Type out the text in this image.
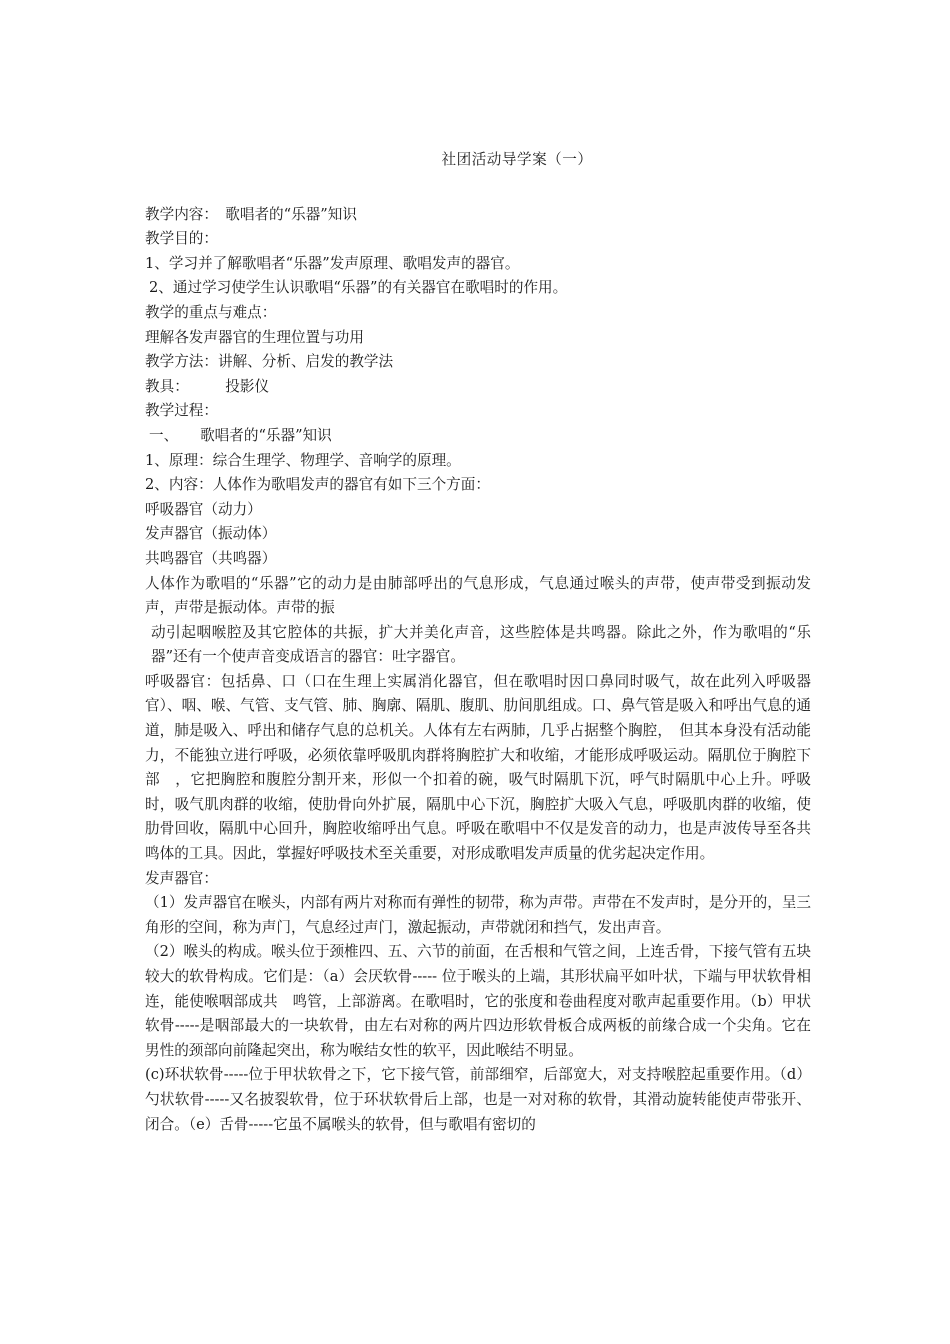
社团活动导学案（一）
教学内容：　歌唱者的“乐器”知识
教学目的：
1、学习并了解歌唱者“乐器”发声原理、歌唱发声的器官。
2、通过学习使学生认识歌唱“乐器”的有关器官在歌唱时的作用。
教学的重点与难点：
理解各发声器官的生理位置与功用
教学方法：讲解、分析、启发的教学法
教具：　　　投影仪
教学过程：
一、　　歌唱者的“乐器”知识
1、原理：综合生理学、物理学、音响学的原理。
2、内容：人体作为歌唱发声的器官有如下三个方面：
呼吸器官（动力）
发声器官（振动体）
共鸣器官（共鸣器）
人体作为歌唱的“乐器”它的动力是由肺部呼出的气息形成，气息通过喉头的声带，使声带受到振动发声，声带是振动体。声带的振
动引起咽喉腔及其它腔体的共振，扩大并美化声音，这些腔体是共鸣器。除此之外，作为歌唱的“乐器”还有一个使声音变成语言的器官：吐字器官。
呼吸器官：包括鼻、口（口在生理上实属消化器官，但在歌唱时因口鼻同时吸气，故在此列入呼吸器官）、咽、喉、气管、支气管、肺、胸廓、隔肌、腹肌、肋间肌组成。口、鼻气管是吸入和呼出气息的通道，肺是吸入、呼出和储存气息的总机关。人体有左右两肺，几乎占据整个胸腔，　但其本身没有活动能力，不能独立进行呼吸，必须依靠呼吸肌肉群将胸腔扩大和收缩，才能形成呼吸运动。隔肌位于胸腔下部　，它把胸腔和腹腔分割开来，形似一个扣着的碗，吸气时隔肌下沉，呼气时隔肌中心上升。呼吸时，吸气肌肉群的收缩，使肋骨向外扩展，隔肌中心下沉，胸腔扩大吸入气息，呼吸肌肉群的收缩，使肋骨回收，隔肌中心回升，胸腔收缩呼出气息。呼吸在歌唱中不仅是发音的动力，也是声波传导至各共鸣体的工具。因此，掌握好呼吸技术至关重要，对形成歌唱发声质量的优劣起决定作用。
发声器官：
（1）发声器官在喉头，内部有两片对称而有弹性的韧带，称为声带。声带在不发声时，是分开的，呈三角形的空间，称为声门，气息经过声门，激起振动，声带就闭和挡气，发出声音。
（2）喉头的构成。喉头位于颈椎四、五、六节的前面，在舌根和气管之间，上连舌骨，下接气管有五块较大的软骨构成。它们是：（a）会厌软骨----- 位于喉头的上端，其形状扁平如叶状，下端与甲状软骨相连，能使喉咽部成共　鸣管，上部游离。在歌唱时，它的张度和卷曲程度对歌声起重要作用。（b）甲状软骨-----是咽部最大的一块软骨，由左右对称的两片四边形软骨板合成两板的前缘合成一个尖角。它在男性的颈部向前隆起突出，称为喉结女性的软平，因此喉结不明显。
(c)环状软骨-----位于甲状软骨之下，它下接气管，前部细窄，后部宽大，对支持喉腔起重要作用。（d）勺状软骨-----又名披裂软骨，位于环状软骨后上部，也是一对对称的软骨，其滑动旋转能使声带张开、闭合。（e）舌骨-----它虽不属喉头的软骨，但与歌唱有密切的
